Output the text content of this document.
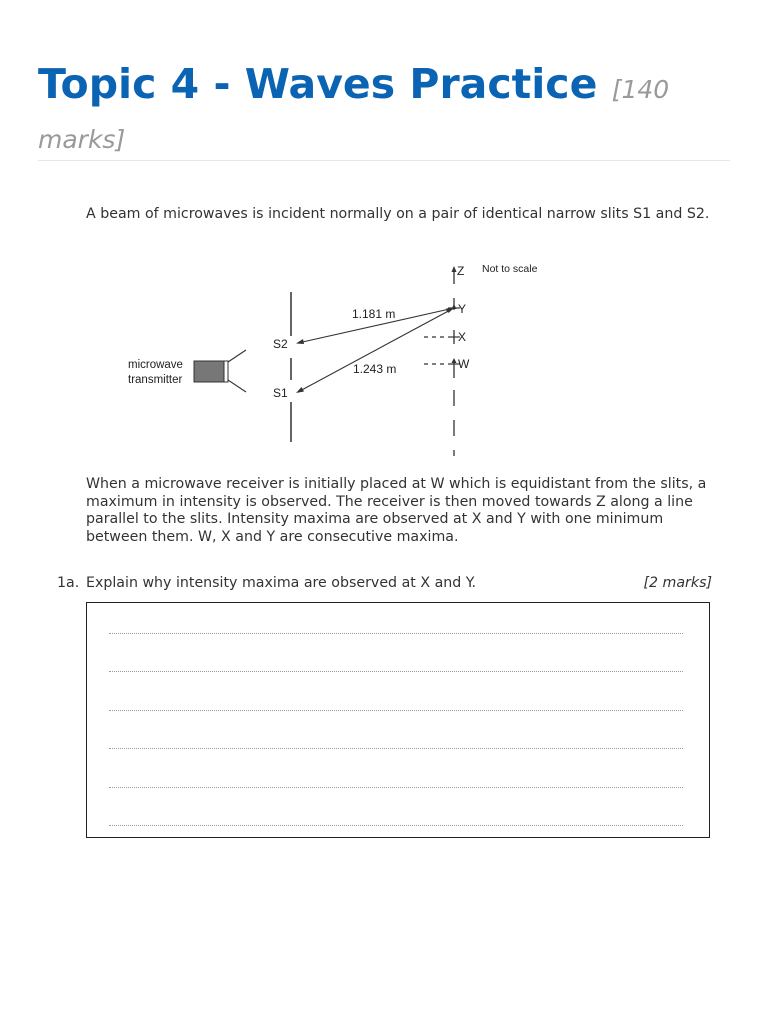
Topic 4 - Waves Practice [140 marks]

A beam of microwaves is incident normally on a pair of identical narrow slits S1 and S2.

Z Not to scale
Y
X
W
S2
S1
1.181 m
1.243 m
microwave
transmitter

When a microwave receiver is initially placed at W which is equidistant from the slits, a maximum in intensity is observed. The receiver is then moved towards Z along a line parallel to the slits. Intensity maxima are observed at X and Y with one minimum between them. W, X and Y are consecutive maxima.

1a. Explain why intensity maxima are observed at X and Y.	[2 marks]
